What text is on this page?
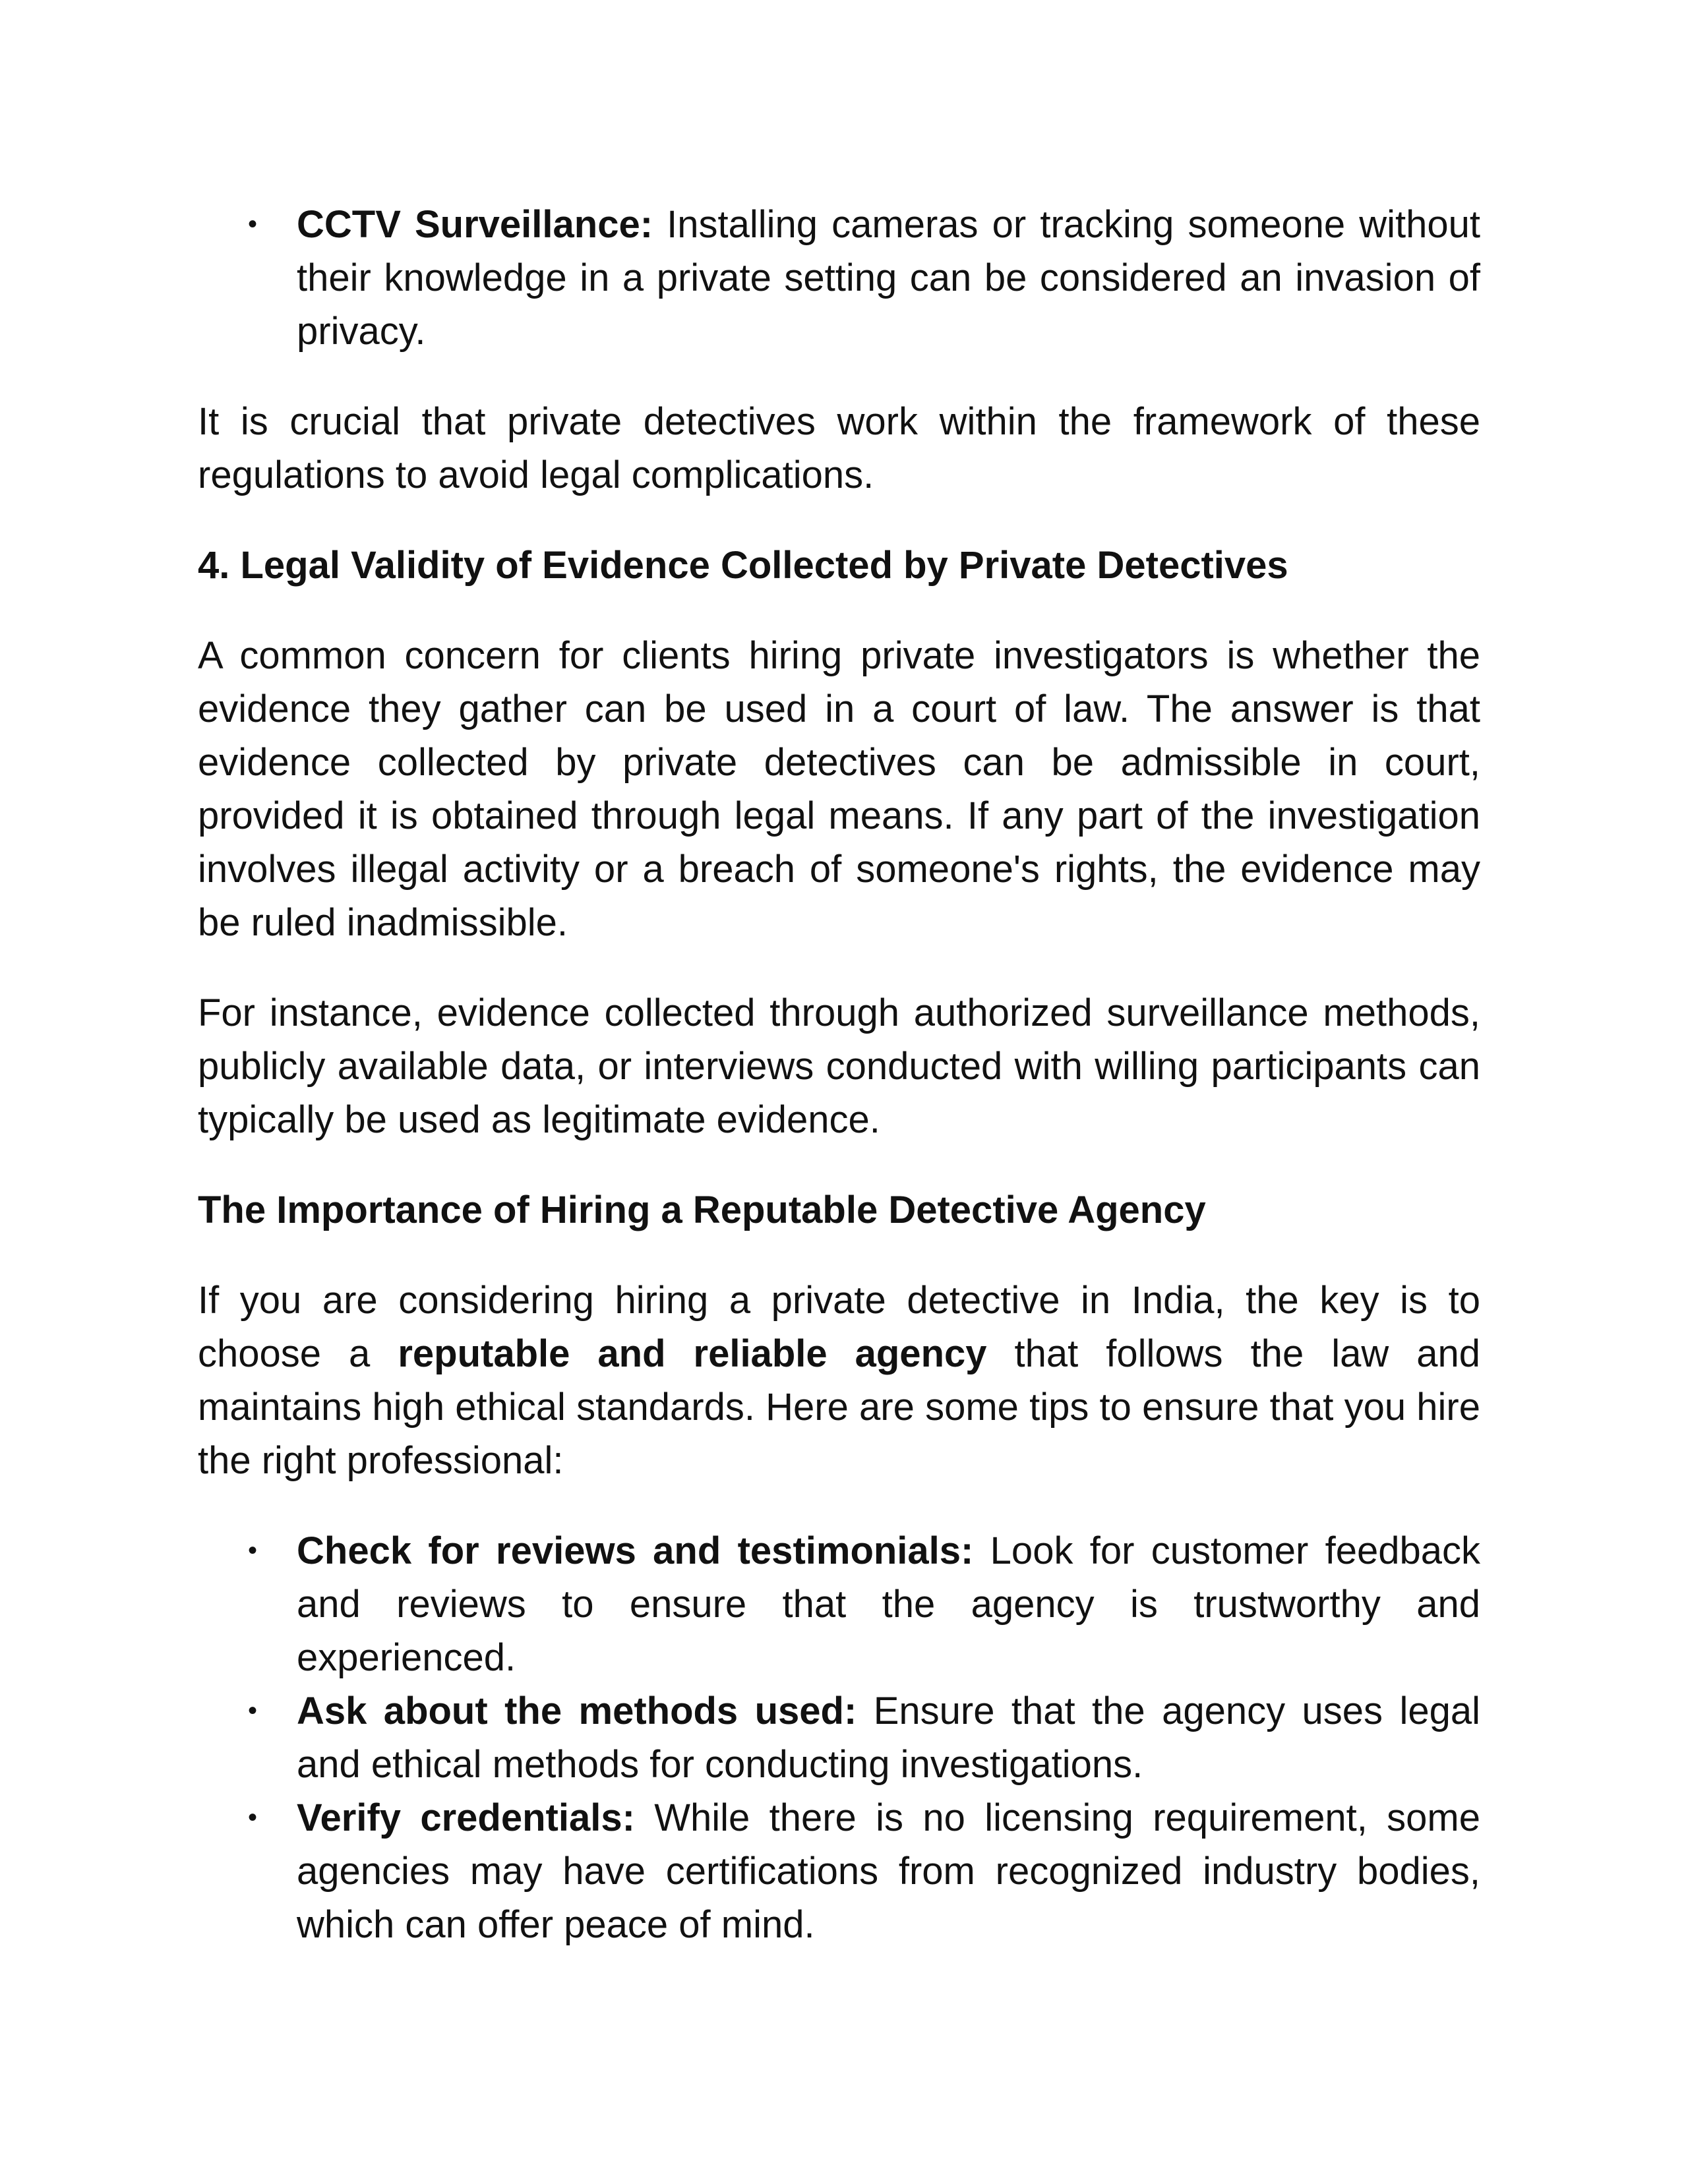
• CCTV Surveillance: Installing cameras or tracking someone without their knowledge in a private setting can be considered an invasion of privacy.

It is crucial that private detectives work within the framework of these regulations to avoid legal complications.

4. Legal Validity of Evidence Collected by Private Detectives

A common concern for clients hiring private investigators is whether the evidence they gather can be used in a court of law. The answer is that evidence collected by private detectives can be admissible in court, provided it is obtained through legal means. If any part of the investigation involves illegal activity or a breach of someone's rights, the evidence may be ruled inadmissible.

For instance, evidence collected through authorized surveillance methods, publicly available data, or interviews conducted with willing participants can typically be used as legitimate evidence.

The Importance of Hiring a Reputable Detective Agency

If you are considering hiring a private detective in India, the key is to choose a reputable and reliable agency that follows the law and maintains high ethical standards. Here are some tips to ensure that you hire the right professional:

• Check for reviews and testimonials: Look for customer feedback and reviews to ensure that the agency is trustworthy and experienced.
• Ask about the methods used: Ensure that the agency uses legal and ethical methods for conducting investigations.
• Verify credentials: While there is no licensing requirement, some agencies may have certifications from recognized industry bodies, which can offer peace of mind.
